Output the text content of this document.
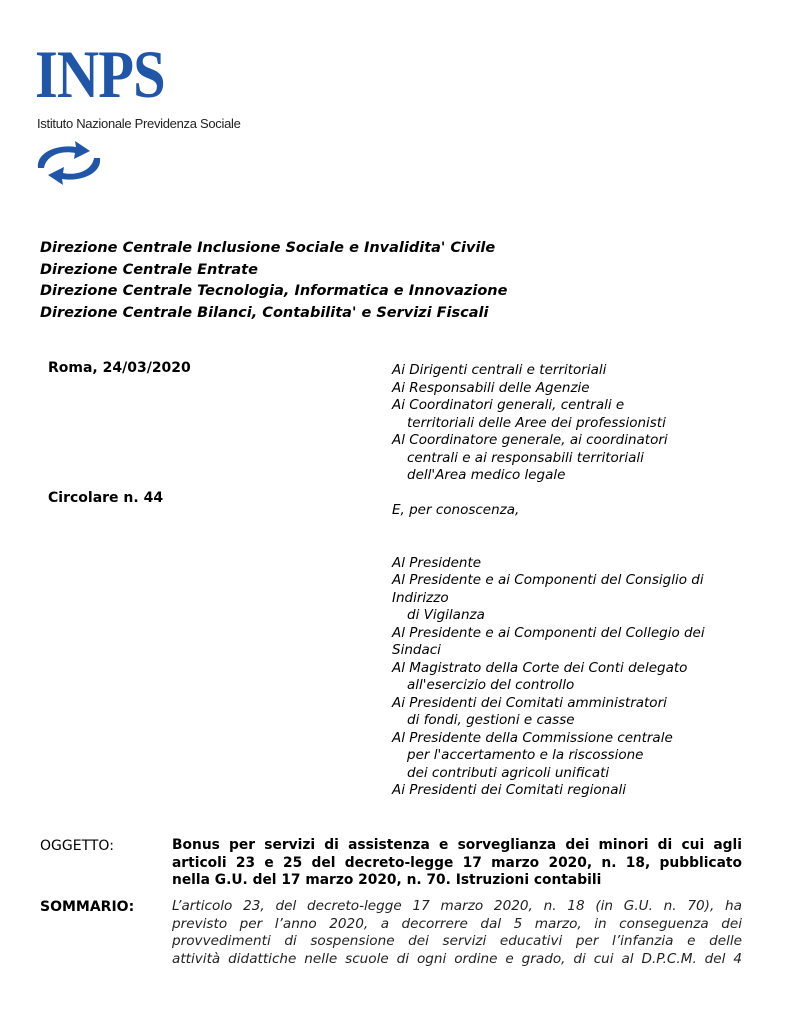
INPS
Istituto Nazionale Previdenza Sociale
Direzione Centrale Inclusione Sociale e Invalidita' Civile
Direzione Centrale Entrate
Direzione Centrale Tecnologia, Informatica e Innovazione
Direzione Centrale Bilanci, Contabilita' e Servizi Fiscali
Roma, 24/03/2020
Circolare n. 44
Ai Dirigenti centrali e territoriali
Ai Responsabili delle Agenzie
Ai Coordinatori generali, centrali e
territoriali delle Aree dei professionisti
Al Coordinatore generale, ai coordinatori
centrali e ai responsabili territoriali
dell'Area medico legale
E, per conoscenza,
Al Presidente
Al Presidente e ai Componenti del Consiglio di
Indirizzo
di Vigilanza
Al Presidente e ai Componenti del Collegio dei
Sindaci
Al Magistrato della Corte dei Conti delegato
all'esercizio del controllo
Ai Presidenti dei Comitati amministratori
di fondi, gestioni e casse
Al Presidente della Commissione centrale
per l'accertamento e la riscossione
dei contributi agricoli unificati
Ai Presidenti dei Comitati regionali
OGGETTO:	Bonus per servizi di assistenza e sorveglianza dei minori di cui agli
articoli 23 e 25 del decreto-legge 17 marzo 2020, n. 18, pubblicato
nella G.U. del 17 marzo 2020, n. 70. Istruzioni contabili
SOMMARIO:	L’articolo 23, del decreto-legge 17 marzo 2020, n. 18 (in G.U. n. 70), ha
previsto per l’anno 2020, a decorrere dal 5 marzo, in conseguenza dei
provvedimenti di sospensione dei servizi educativi per l’infanzia e delle
attività didattiche nelle scuole di ogni ordine e grado, di cui al D.P.C.M. del 4
